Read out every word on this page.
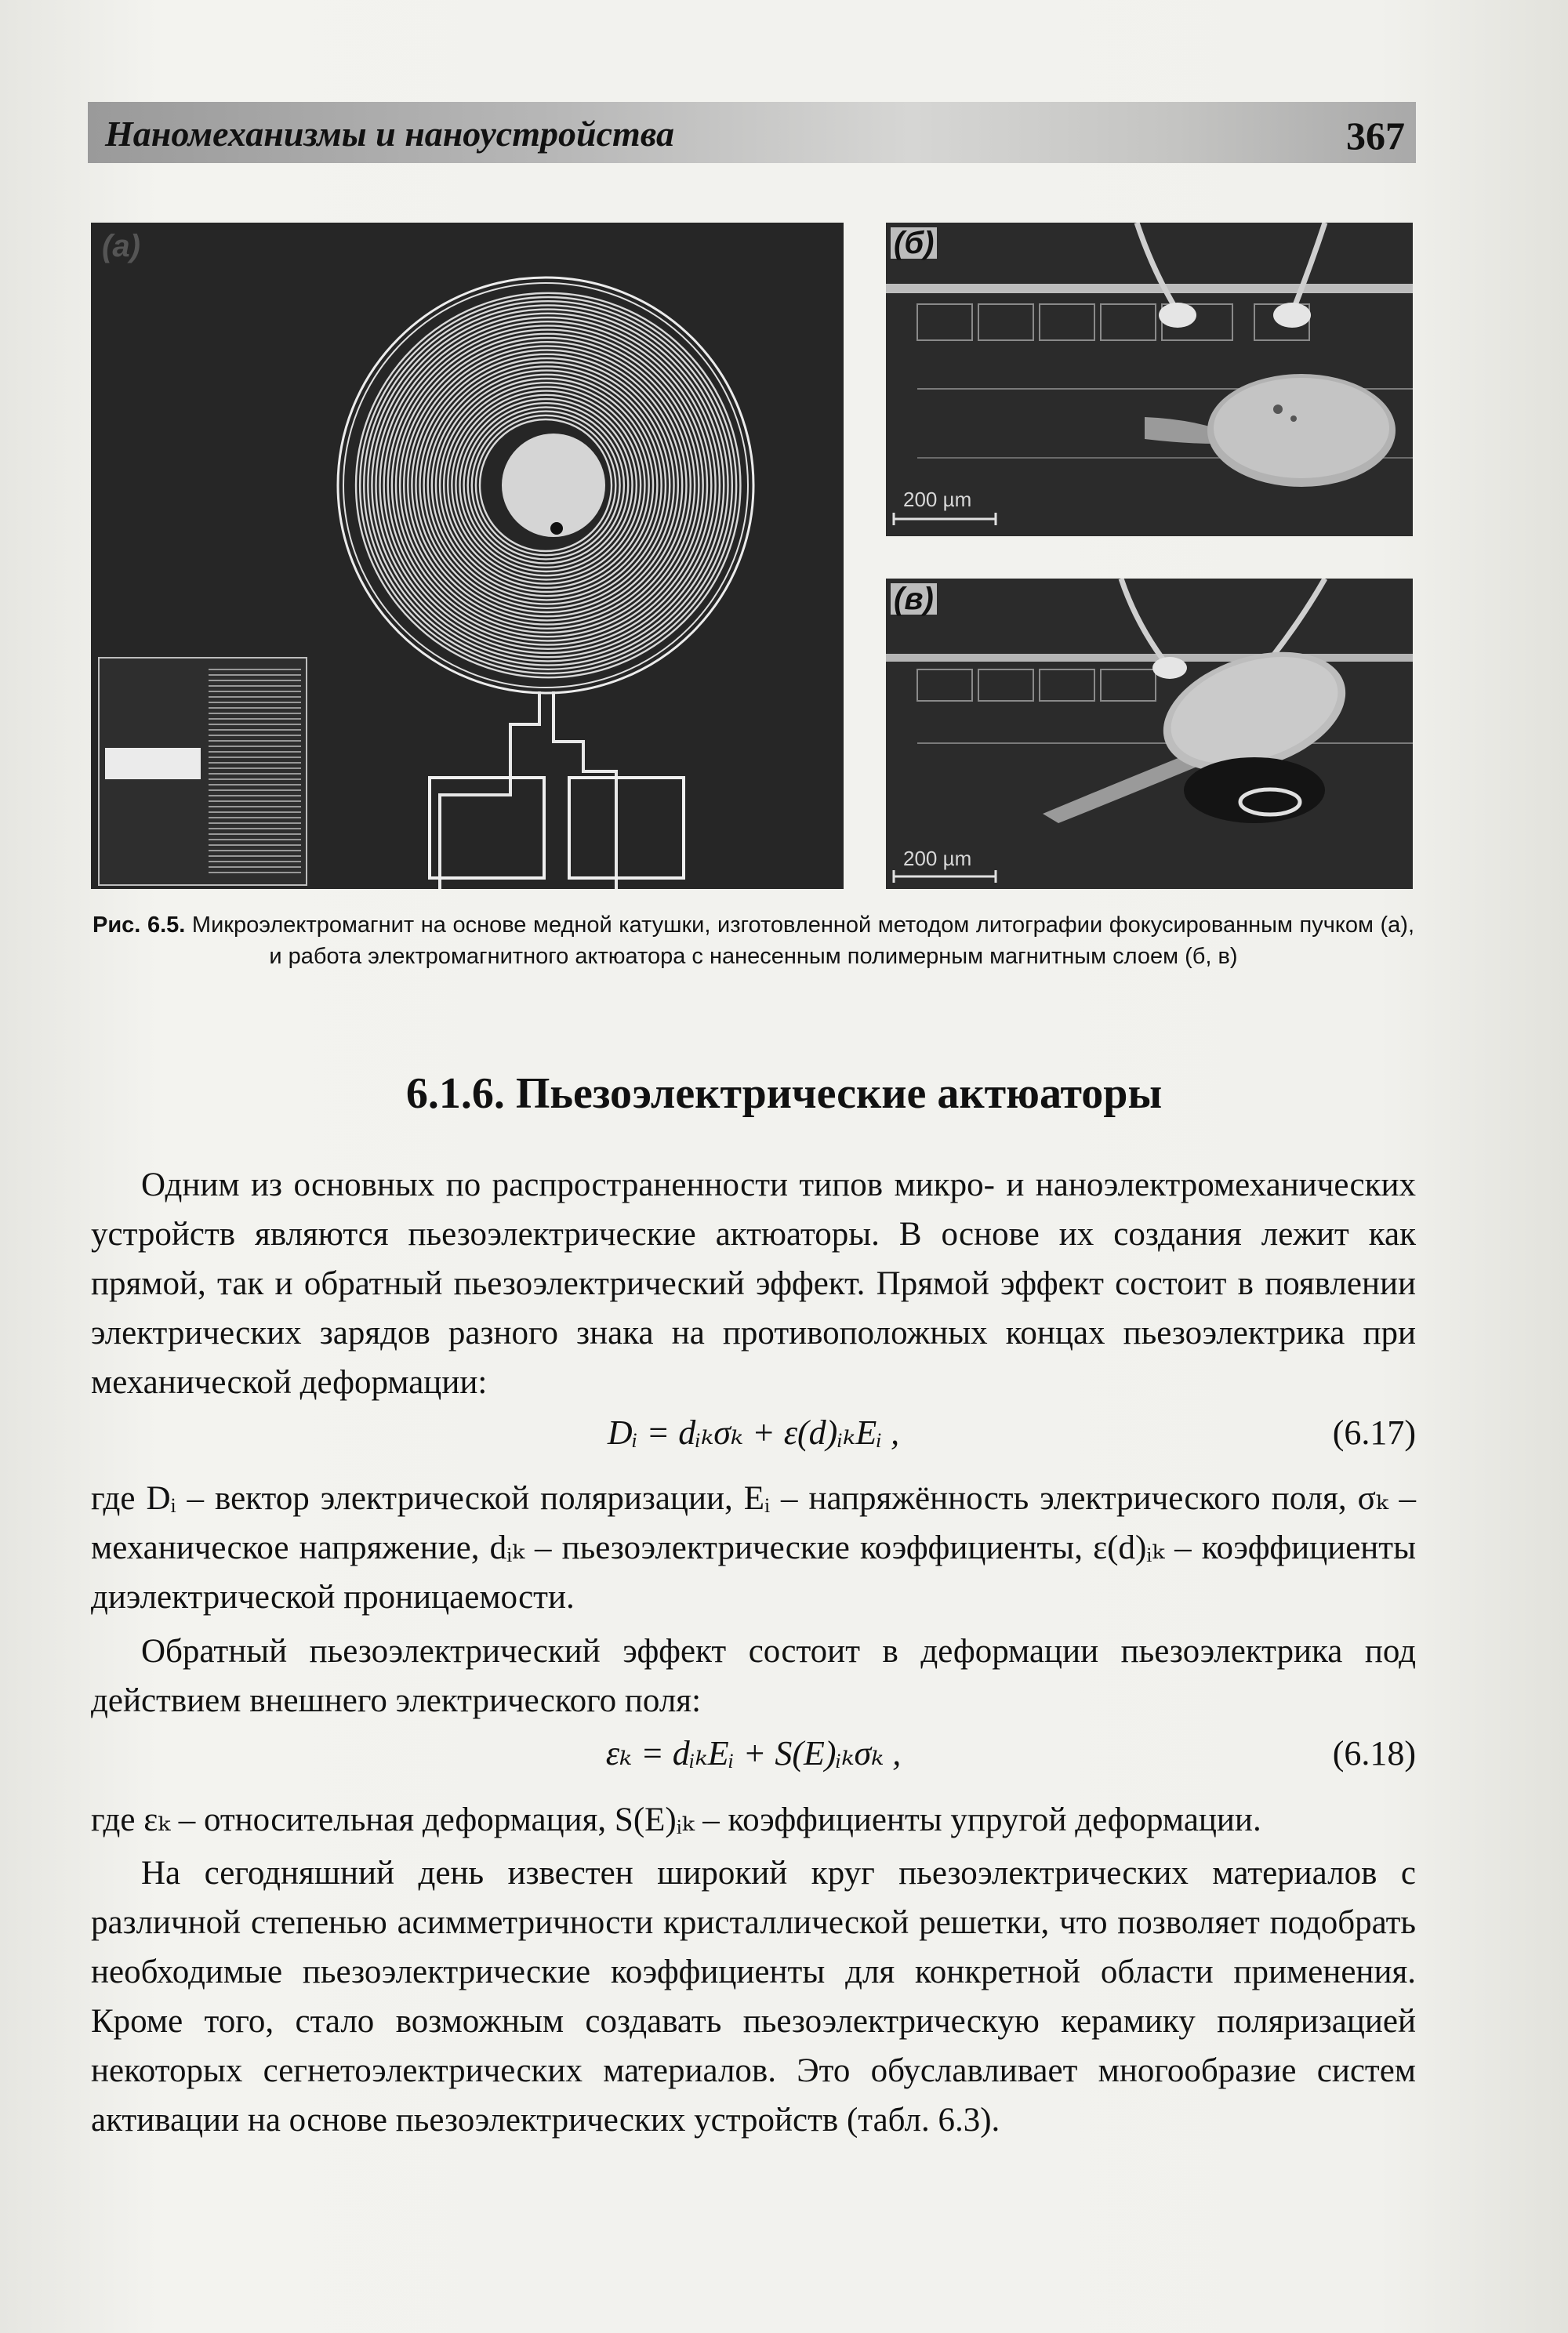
Наномеханизмы и наноустройства	367
(а)	(б)
200 µm
(в)
200 µm
Рис. 6.5. Микроэлектромагнит на основе медной катушки, изготовленной методом литографии фокусированным пучком (а), и работа электромагнитного актюатора с нанесенным полимерным магнитным слоем (б, в)
6.1.6. Пьезоэлектрические актюаторы
Одним из основных по распространенности типов микро- и наноэлектромеханических устройств являются пьезоэлектрические актюаторы. В основе их создания лежит как прямой, так и обратный пьезоэлектрический эффект. Прямой эффект состоит в появлении электрических зарядов разного знака на противоположных концах пьезоэлектрика при механической деформации:
Dᵢ = dᵢₖσₖ + ε(d)ᵢₖEᵢ ,	(6.17)
где Dᵢ – вектор электрической поляризации, Eᵢ – напряжённость электрического поля, σₖ – механическое напряжение, dᵢₖ – пьезоэлектрические коэффициенты, ε(d)ᵢₖ – коэффициенты диэлектрической проницаемости.
Обратный пьезоэлектрический эффект состоит в деформации пьезоэлектрика под действием внешнего электрического поля:
εₖ = dᵢₖEᵢ + S(E)ᵢₖσₖ ,	(6.18)
где εₖ – относительная деформация, S(E)ᵢₖ – коэффициенты упругой деформации.
На сегодняшний день известен широкий круг пьезоэлектрических материалов с различной степенью асимметричности кристаллической решетки, что позволяет подобрать необходимые пьезоэлектрические коэффициенты для конкретной области применения. Кроме того, стало возможным создавать пьезоэлектрическую керамику поляризацией некоторых сегнетоэлектрических материалов. Это обуславливает многообразие систем активации на основе пьезоэлектрических устройств (табл. 6.3).
